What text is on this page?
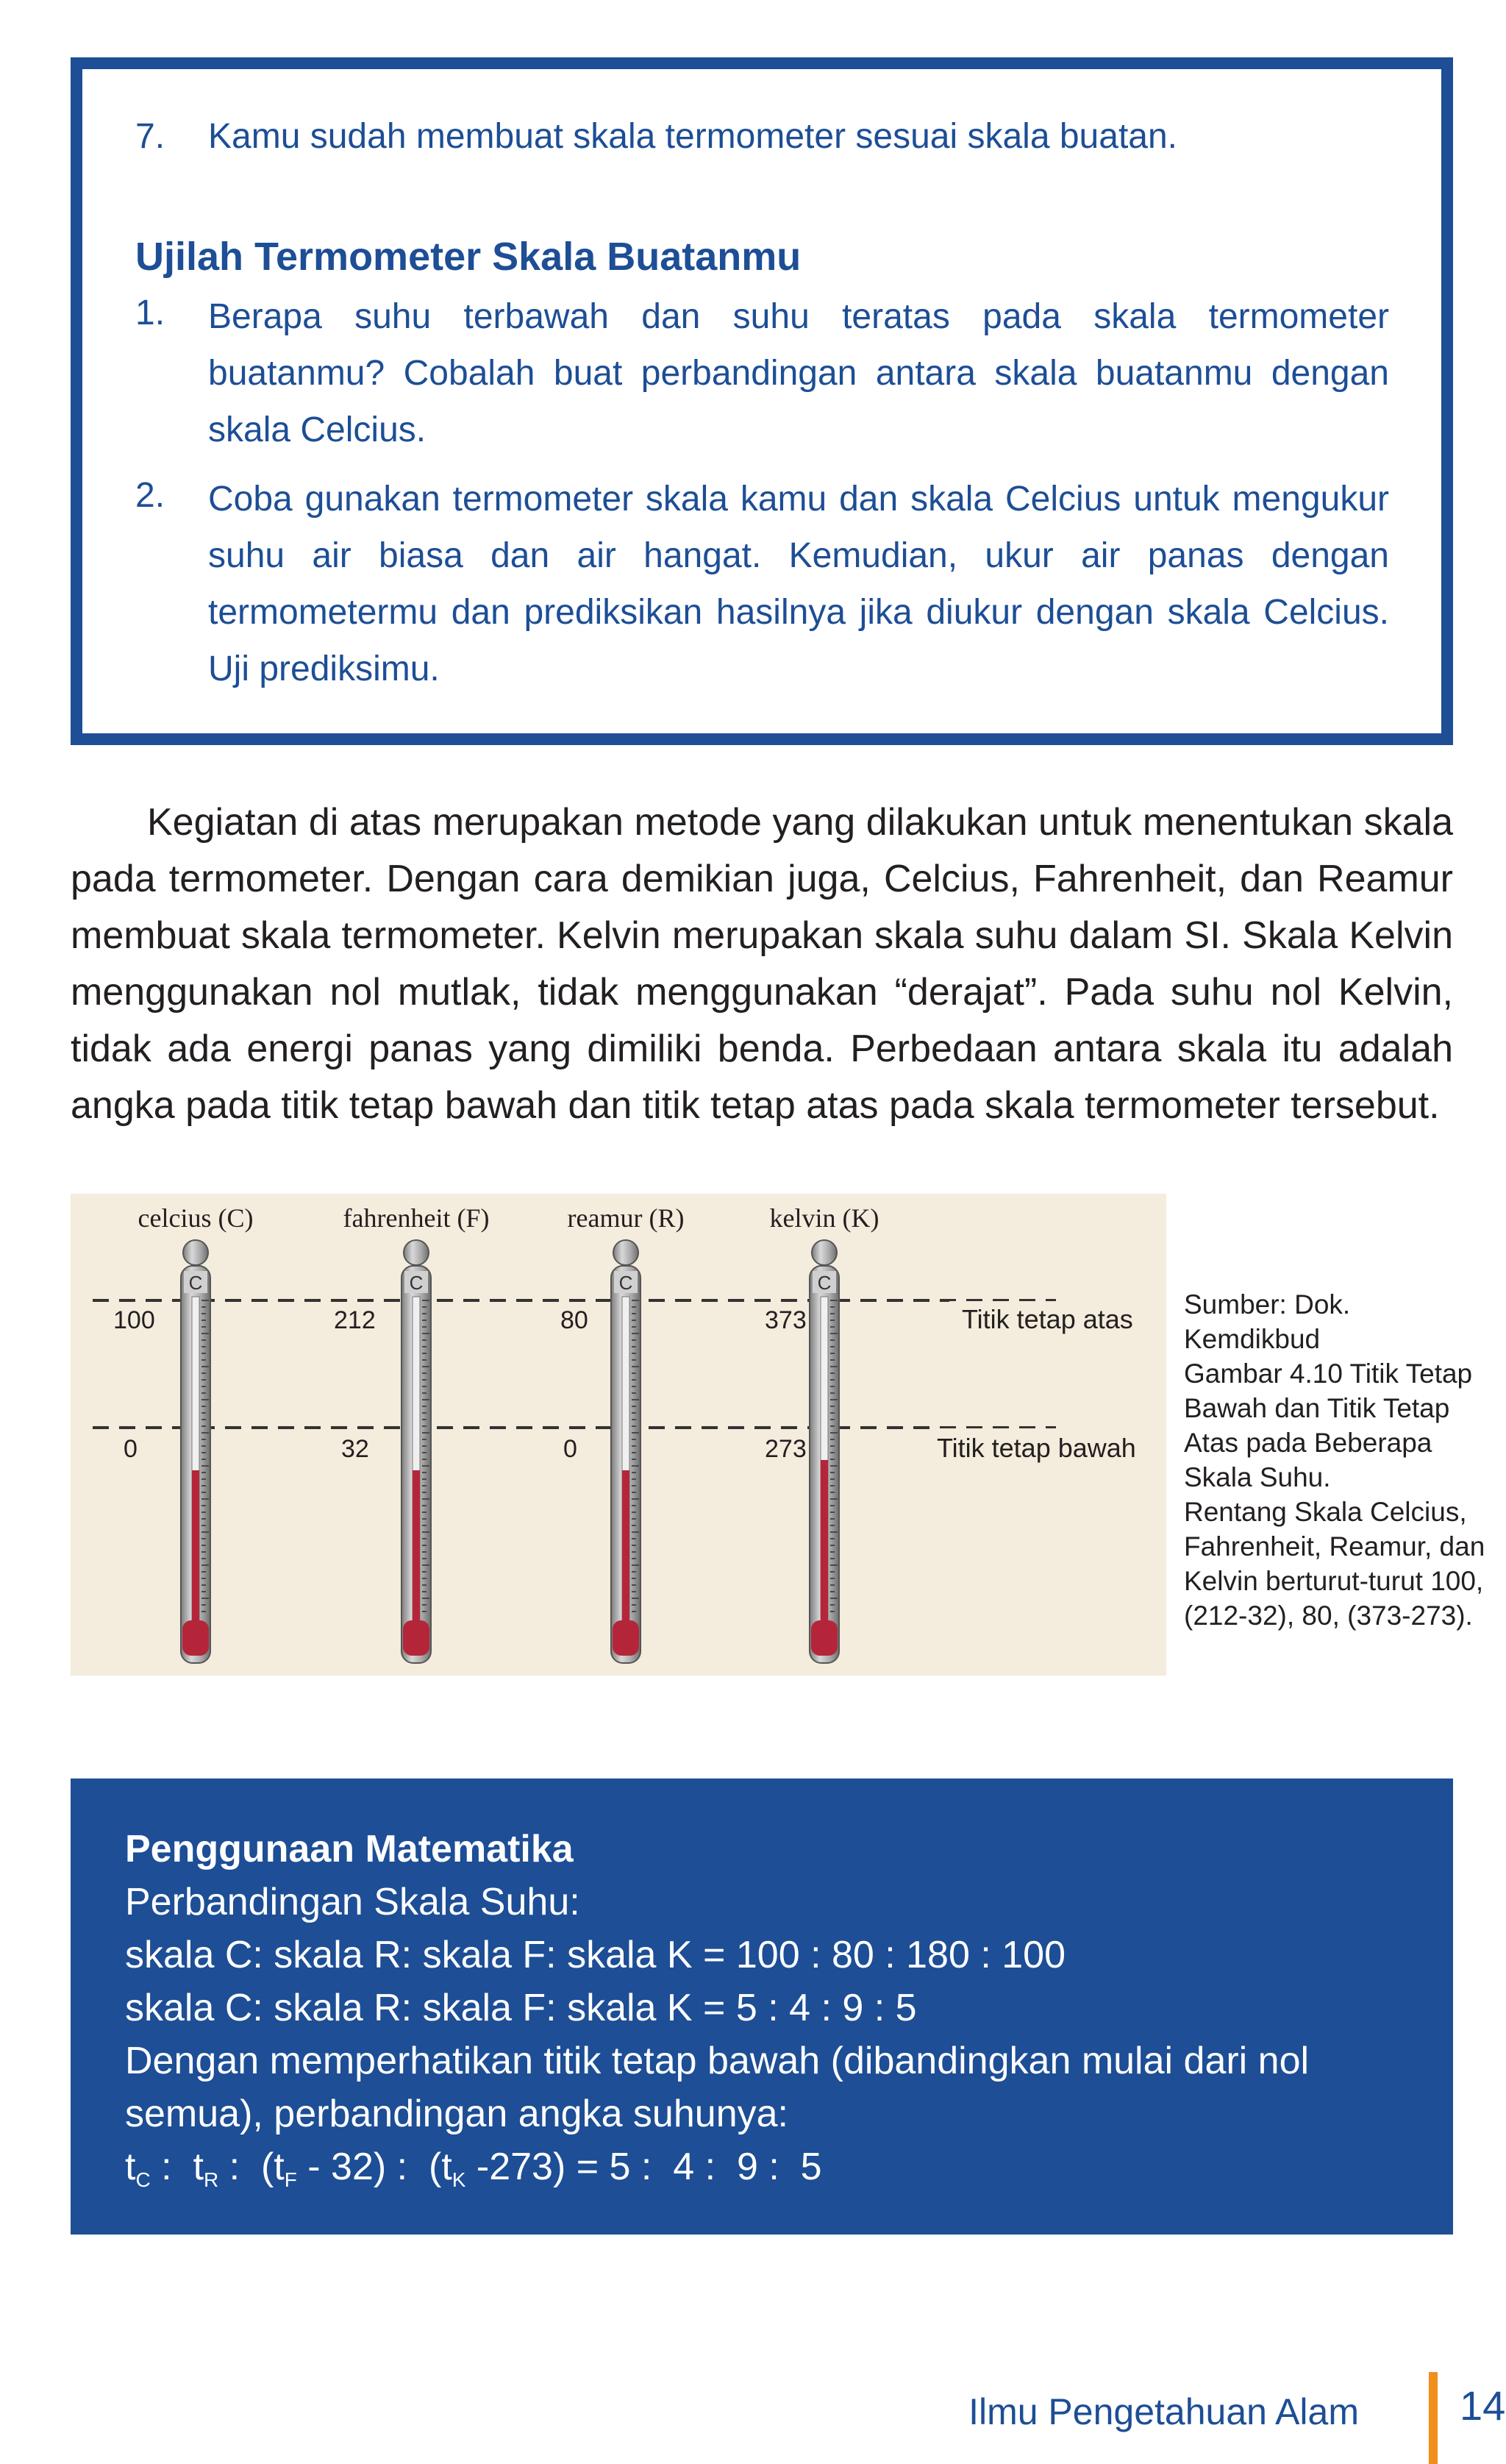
7. Kamu sudah membuat skala termometer sesuai skala buatan.
Ujilah Termometer Skala Buatanmu
1. Berapa suhu terbawah dan suhu teratas pada skala termometer buatanmu? Cobalah buat perbandingan antara skala buatanmu dengan skala Celcius.

2. Coba gunakan termometer skala kamu dan skala Celcius untuk mengukur suhu air biasa dan air hangat. Kemudian, ukur air panas dengan termometermu dan prediksikan hasilnya jika diukur dengan skala Celcius. Uji prediksimu.

Kegiatan di atas merupakan metode yang dilakukan untuk menentukan skala pada termometer. Dengan cara demikian juga, Celcius, Fahrenheit, dan Reamur membuat skala termometer. Kelvin merupakan skala suhu dalam SI. Skala Kelvin menggunakan nol mutlak, tidak menggunakan “derajat”. Pada suhu nol Kelvin, tidak ada energi panas yang dimiliki benda. Perbedaan antara skala itu adalah angka pada titik tetap bawah dan titik tetap atas pada skala termometer tersebut.

celcius (C)	fahrenheit (F)	reamur (R)	kelvin (K)
100
0
212
32
80
0
373
273
Titik tetap atas
Titik tetap bawah
C	C	C	C
Sumber: Dok. Kemdikbud
Gambar 4.10 Titik Tetap Bawah dan Titik Tetap Atas pada Beberapa Skala Suhu.
Rentang Skala Celcius, Fahrenheit, Reamur, dan Kelvin berturut-turut 100, (212-32), 80, (373-273).
Penggunaan Matematika
Perbandingan Skala Suhu:
skala C: skala R: skala F: skala K = 100 : 80 : 180 : 100
skala C: skala R: skala F: skala K = 5 : 4 : 9 : 5
Dengan memperhatikan titik tetap bawah (dibandingkan mulai dari nol
semua), perbandingan angka suhunya:
$t_C$ :  $t_R$ :  $(t_F - 32)$ :  ($t_K$ -273) = 5 :  4 :  9 :  5
Ilmu Pengetahuan Alam 14
